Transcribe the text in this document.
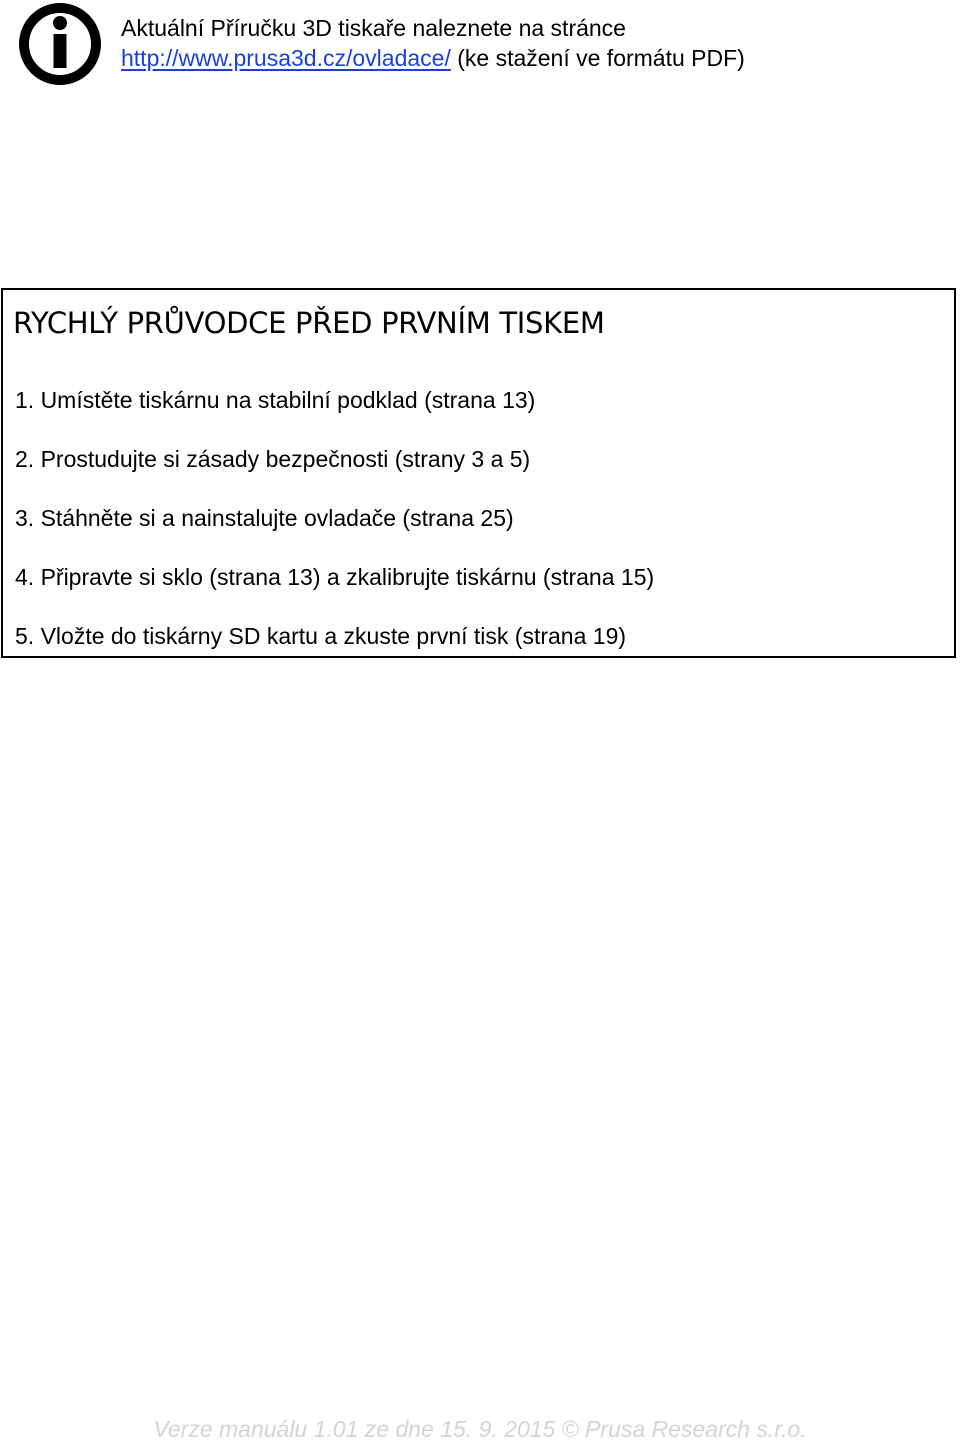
Aktuální Příručku 3D tiskaře naleznete na stránce
http://www.prusa3d.cz/ovladace/ (ke stažení ve formátu PDF)
RYCHLÝ PRŮVODCE PŘED PRVNÍM TISKEM
1. Umístěte tiskárnu na stabilní podklad (strana 13)
2. Prostudujte si zásady bezpečnosti (strany 3 a 5)
3. Stáhněte si a nainstalujte ovladače (strana 25)
4. Připravte si sklo (strana 13) a zkalibrujte tiskárnu (strana 15)
5. Vložte do tiskárny SD kartu a zkuste první tisk (strana 19)
Verze manuálu 1.01 ze dne 15. 9. 2015 © Prusa Research s.r.o.
